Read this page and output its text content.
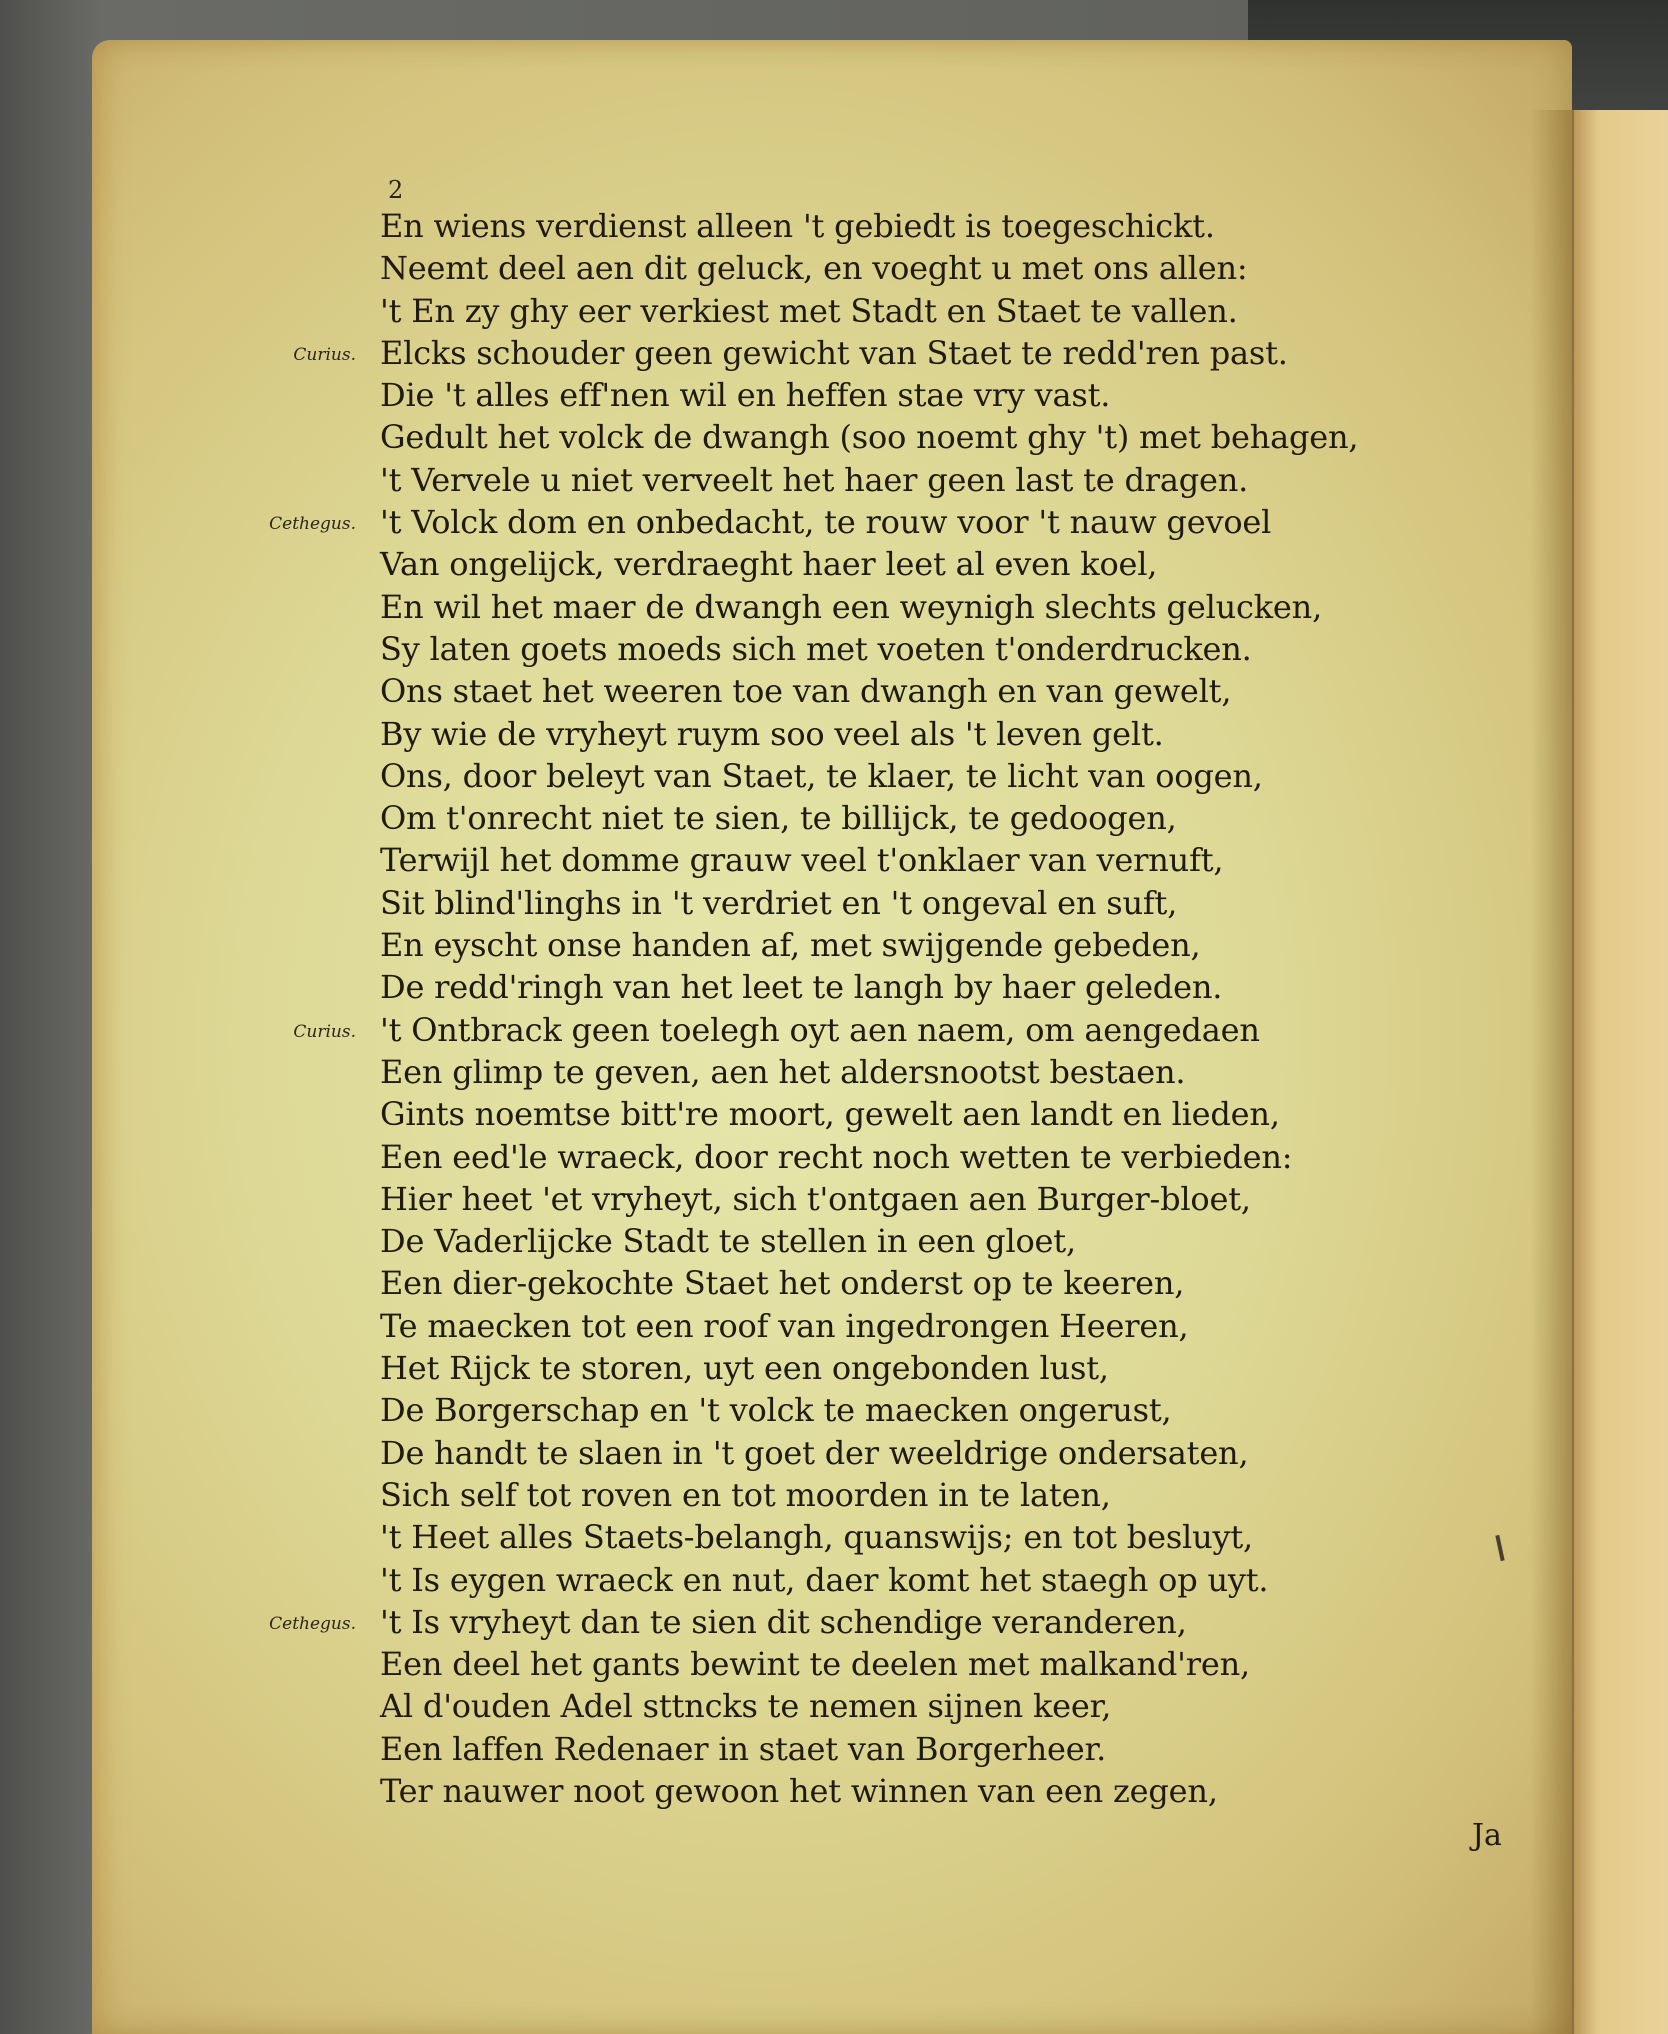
2

En wiens verdienst alleen 't gebiedt is toegeschickt.
Neemt deel aen dit geluck, en voeght u met ons allen:
't En zy ghy eer verkiest met Stadt en Staet te vallen.
Curius. Elcks schouder geen gewicht van Staet te redd'ren past.
Die 't alles eff'nen wil en heffen stae vry vast.
Gedult het volck de dwangh (soo noemt ghy 't) met behagen,
't Vervele u niet verveelt het haer geen last te dragen.
Cethegus. 't Volck dom en onbedacht, te rouw voor 't nauw gevoel
Van ongelijck, verdraeght haer leet al even koel,
En wil het maer de dwangh een weynigh slechts gelucken,
Sy laten goets moeds sich met voeten t'onderdrucken.
Ons staet het weeren toe van dwangh en van gewelt,
By wie de vryheyt ruym soo veel als 't leven gelt.
Ons, door beleyt van Staet, te klaer, te licht van oogen,
Om t'onrecht niet te sien, te billijck, te gedoogen,
Terwijl het domme grauw veel t'onklaer van vernuft,
Sit blind'linghs in 't verdriet en 't ongeval en suft,
En eyscht onse handen af, met swijgende gebeden,
De redd'ringh van het leet te langh by haer geleden.
Curius. 't Ontbrack geen toelegh oyt aen naem, om aengedaen
Een glimp te geven, aen het aldersnootst bestaen.
Gints noemtse bitt're moort, gewelt aen landt en lieden,
Een eed'le wraeck, door recht noch wetten te verbieden:
Hier heet 'et vryheyt, sich t'ontgaen aen Burger-bloet,
De Vaderlijcke Stadt te stellen in een gloet,
Een dier-gekochte Staet het onderst op te keeren,
Te maecken tot een roof van ingedrongen Heeren,
Het Rijck te storen, uyt een ongebonden lust,
De Borgerschap en 't volck te maecken ongerust,
De handt te slaen in 't goet der weeldrige ondersaten,
Sich self tot roven en tot moorden in te laten,
't Heet alles Staets-belangh, quanswijs; en tot besluyt,
't Is eygen wraeck en nut, daer komt het staegh op uyt.
Cethegus. 't Is vryheyt dan te sien dit schendige veranderen,
Een deel het gants bewint te deelen met malkand'ren,
Al d'ouden Adel sttncks te nemen sijnen keer,
Een laffen Redenaer in staet van Borgerheer.
Ter nauwer noot gewoon het winnen van een zegen,
Ja
